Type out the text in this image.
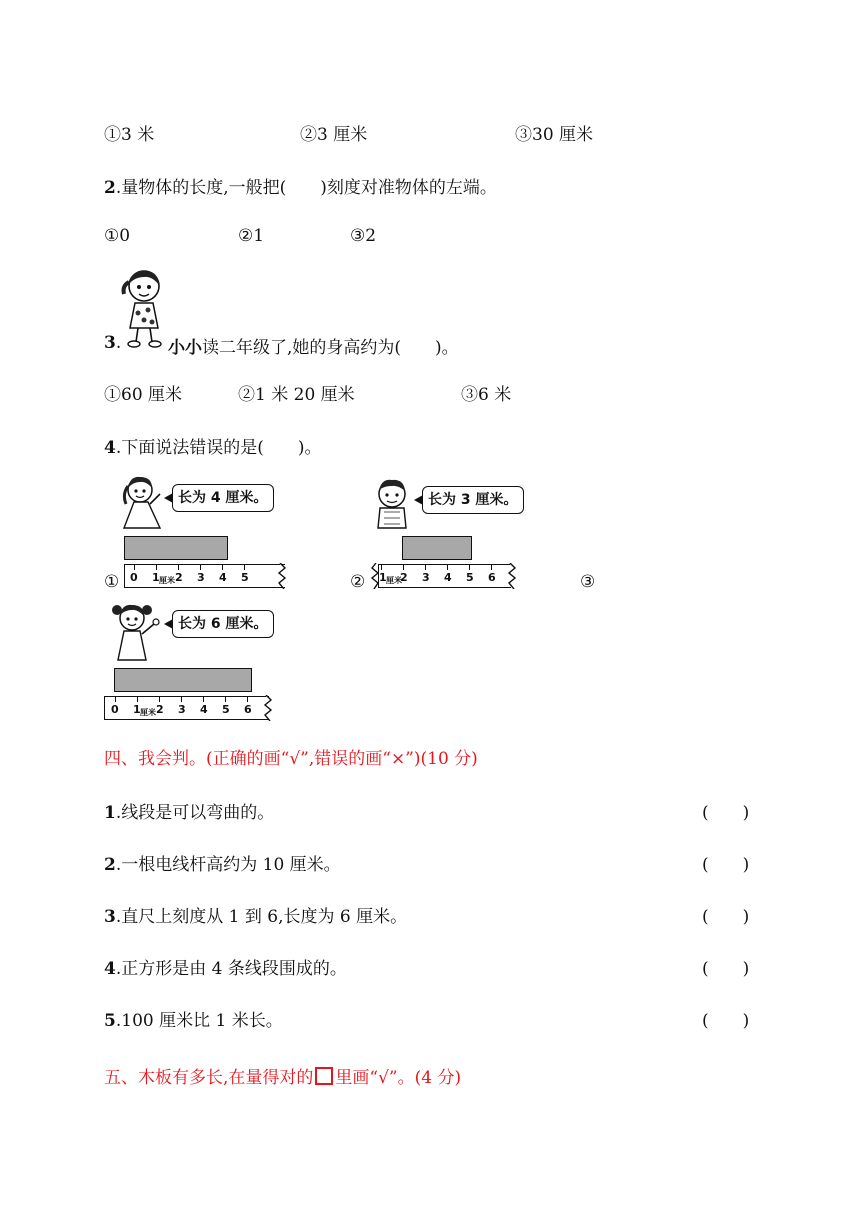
①3 米	②3 厘米	③30 厘米
2.量物体的长度,一般把(　　)刻度对准物体的左端。
①0	②1	③2
3.	小小读二年级了,她的身高约为(　　)。
①60 厘米	②1 米 20 厘米	③6 米
4.下面说法错误的是(　　)。
长为 4 厘米。
0 1 厘米 2 3 4 5
①
长为 3 厘米。
1 厘米
2 3 4 5 6
②	③
长为 6 厘米。
0 1 厘米 2 3 4 5 6
四、我会判。(正确的画“√”,错误的画“×”)(10 分)
1.线段是可以弯曲的。	(　　)
2.一根电线杆高约为 10 厘米。	(　　)
3.直尺上刻度从 1 到 6,长度为 6 厘米。	(　　)
4.正方形是由 4 条线段围成的。	(　　)
5.100 厘米比 1 米长。	(　　)
五、木板有多长,在量得对的 里画“√”。(4 分)
